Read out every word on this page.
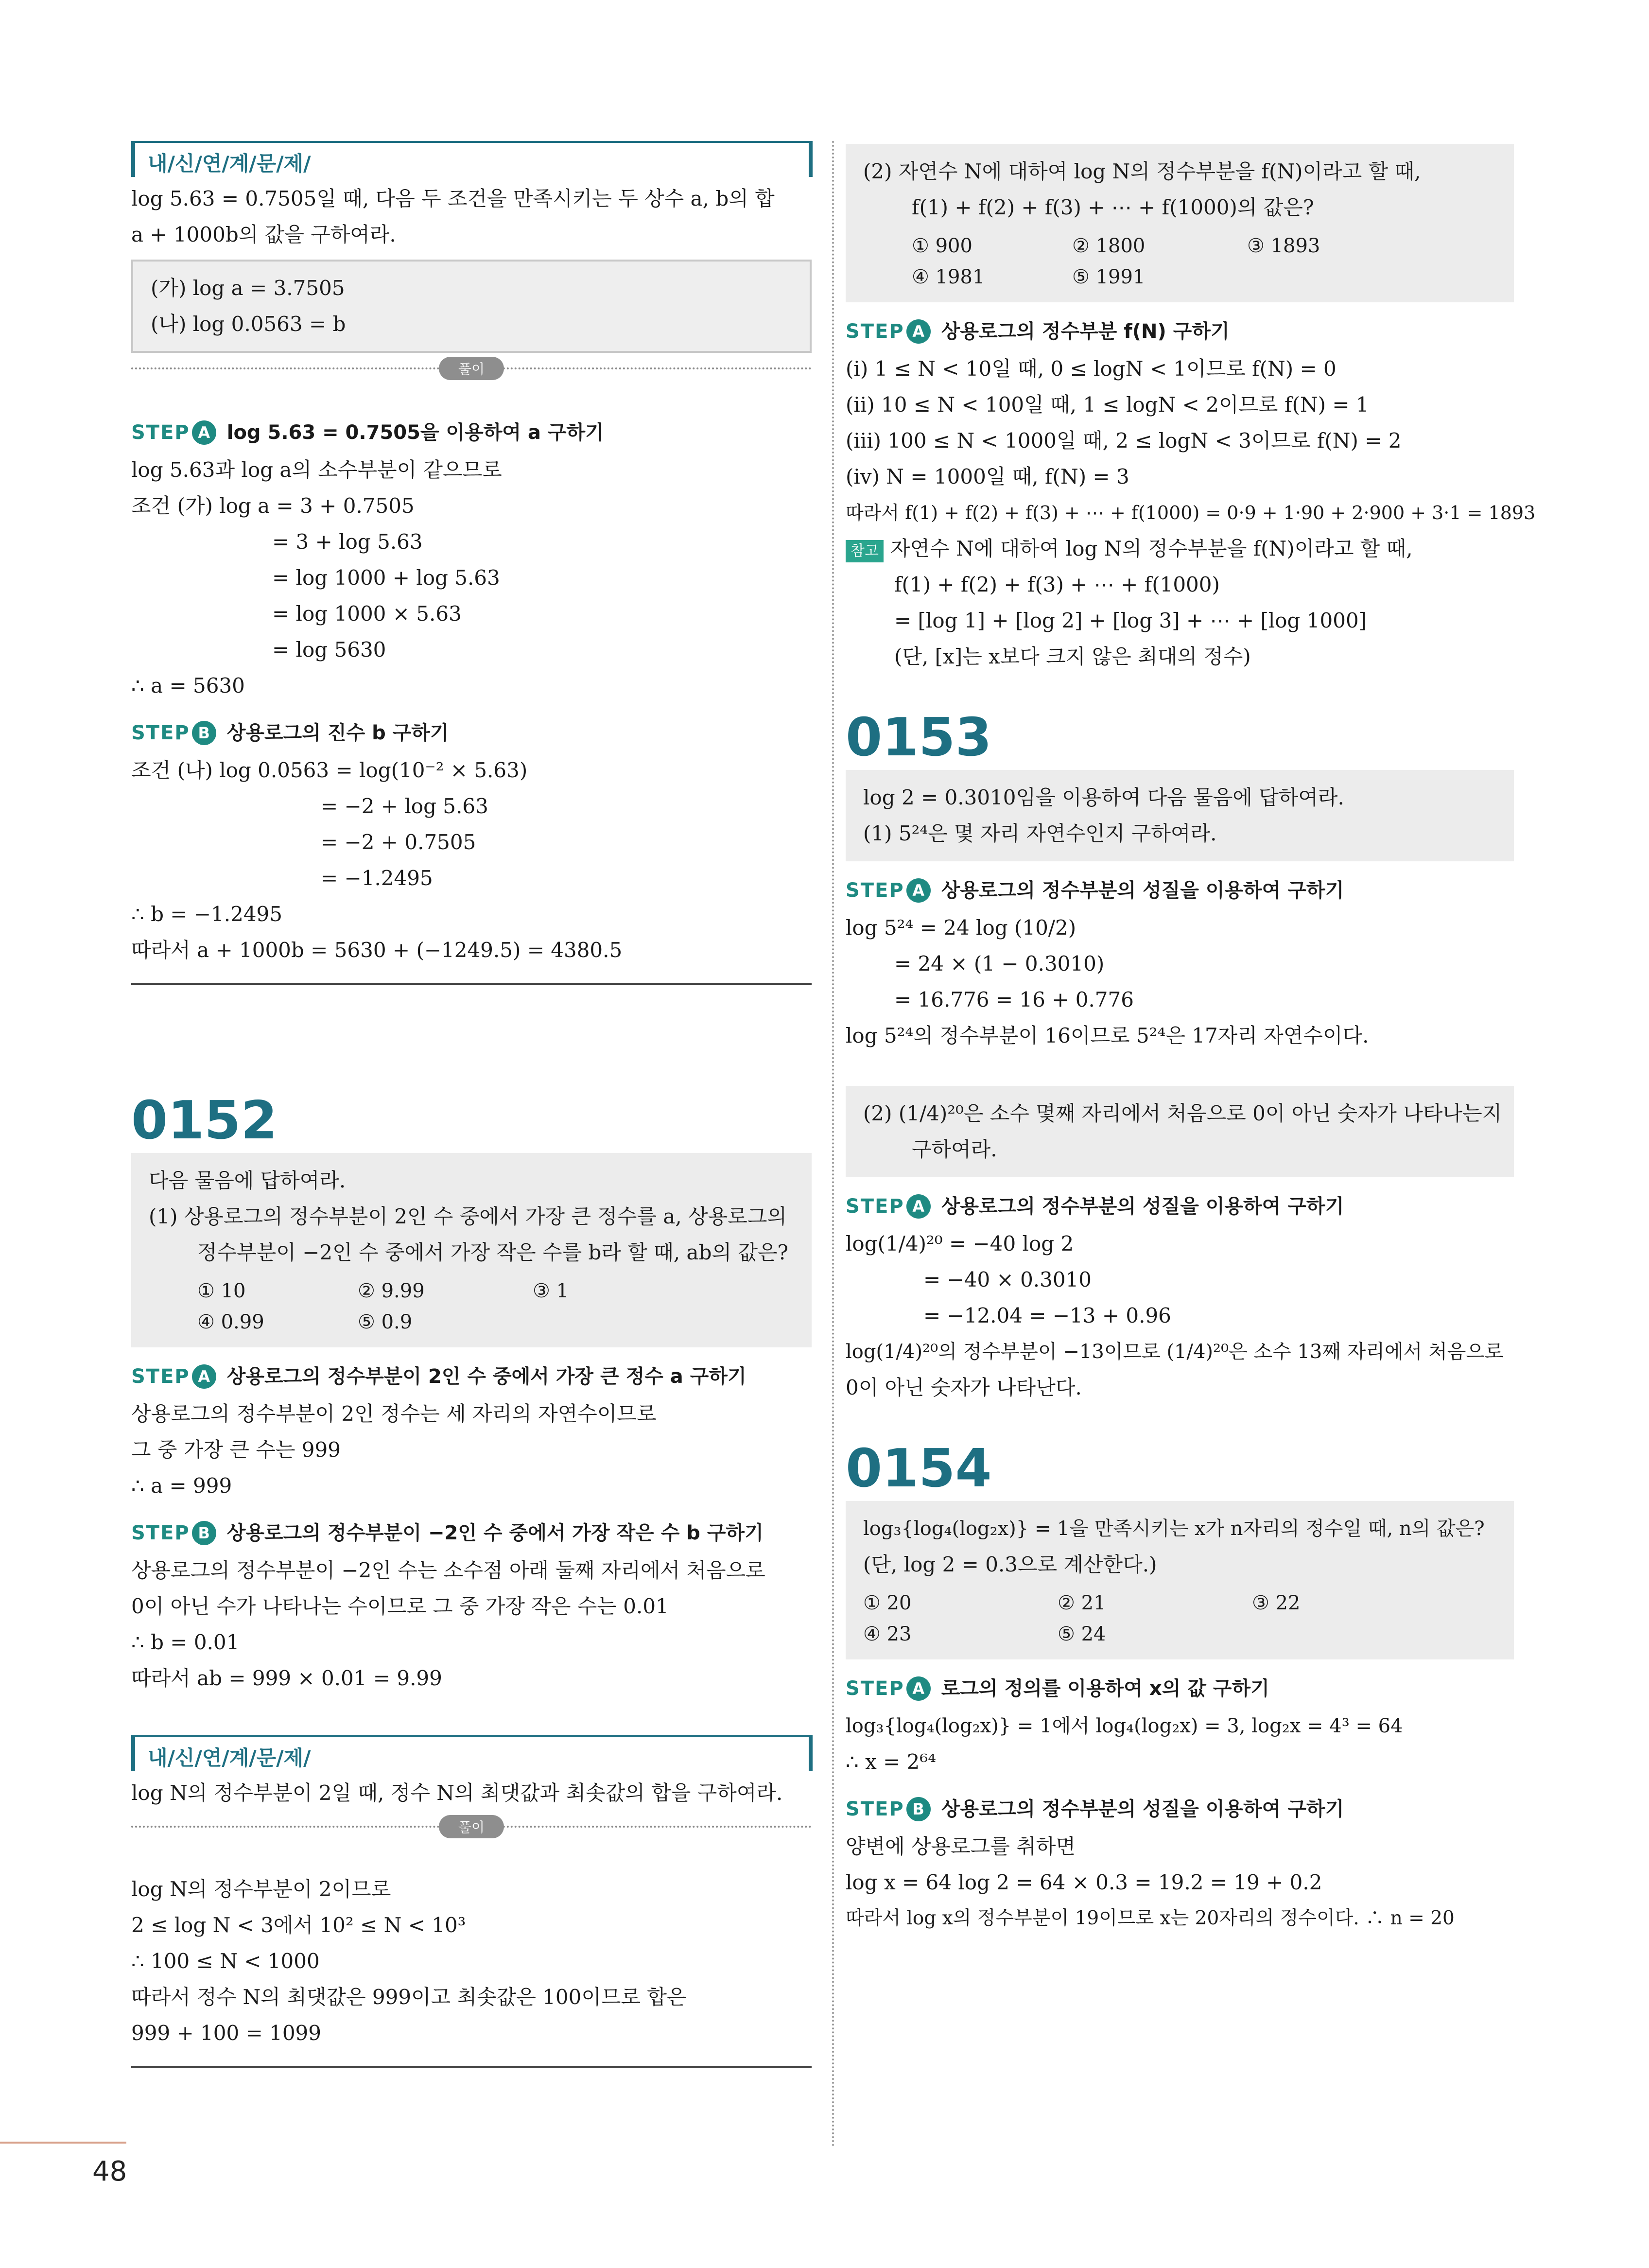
내/신/연/계/문/제/

log 5.63 = 0.7505일 때, 다음 두 조건을 만족시키는 두 상수 a, b의 합

a + 1000b의 값을 구하여라.

(가) log a = 3.7505

(나) log 0.0563 = b

풀이
STEP A log 5.63 = 0.7505을 이용하여 a 구하기

log 5.63과 log a의 소수부분이 같으므로

조건 (가) log a = 3 + 0.7505

= 3 + log 5.63

= log 1000 + log 5.63

= log 1000 × 5.63

= log 5630

∴ a = 5630

STEP B 상용로그의 진수 b 구하기

조건 (나) log 0.0563 = log(10⁻² × 5.63)

= −2 + log 5.63

= −2 + 0.7505

= −1.2495

∴ b = −1.2495

따라서 a + 1000b = 5630 + (−1249.5) = 4380.5

0152

다음 물음에 답하여라.

(1) 상용로그의 정수부분이 2인 수 중에서 가장 큰 정수를 a, 상용로그의

정수부분이 −2인 수 중에서 가장 작은 수를 b라 할 때, ab의 값은?

① 10	② 9.99	③ 1
④ 0.99	⑤ 0.9
STEP A 상용로그의 정수부분이 2인 수 중에서 가장 큰 정수 a 구하기

상용로그의 정수부분이 2인 정수는 세 자리의 자연수이므로

그 중 가장 큰 수는 999

∴ a = 999

STEP B 상용로그의 정수부분이 −2인 수 중에서 가장 작은 수 b 구하기

상용로그의 정수부분이 −2인 수는 소수점 아래 둘째 자리에서 처음으로

0이 아닌 수가 나타나는 수이므로 그 중 가장 작은 수는 0.01

∴ b = 0.01

따라서 ab = 999 × 0.01 = 9.99

내/신/연/계/문/제/

log N의 정수부분이 2일 때, 정수 N의 최댓값과 최솟값의 합을 구하여라.

풀이

log N의 정수부분이 2이므로

2 ≤ log N < 3에서 10² ≤ N < 10³

∴ 100 ≤ N < 1000

따라서 정수 N의 최댓값은 999이고 최솟값은 100이므로 합은

999 + 100 = 1099

(2) 자연수 N에 대하여 log N의 정수부분을 f(N)이라고 할 때,

f(1) + f(2) + f(3) + ⋯ + f(1000)의 값은?

① 900	② 1800	③ 1893
④ 1981	⑤ 1991
STEP A 상용로그의 정수부분 f(N) 구하기

(ⅰ) 1 ≤ N < 10일 때, 0 ≤ logN < 1이므로 f(N) = 0

(ⅱ) 10 ≤ N < 100일 때, 1 ≤ logN < 2이므로 f(N) = 1

(ⅲ) 100 ≤ N < 1000일 때, 2 ≤ logN < 3이므로 f(N) = 2

(ⅳ) N = 1000일 때, f(N) = 3

따라서 f(1) + f(2) + f(3) + ⋯ + f(1000) = 0·9 + 1·90 + 2·900 + 3·1 = 1893

참고 자연수 N에 대하여 log N의 정수부분을 f(N)이라고 할 때,

f(1) + f(2) + f(3) + ⋯ + f(1000)

= [log 1] + [log 2] + [log 3] + ⋯ + [log 1000]

(단, [x]는 x보다 크지 않은 최대의 정수)

0153

log 2 = 0.3010임을 이용하여 다음 물음에 답하여라.

(1) 5²⁴은 몇 자리 자연수인지 구하여라.

STEP A 상용로그의 정수부분의 성질을 이용하여 구하기

log 5²⁴ = 24 log (10/2)

= 24 × (1 − 0.3010)

= 16.776 = 16 + 0.776

log 5²⁴의 정수부분이 16이므로 5²⁴은 17자리 자연수이다.

(2) (1/4)²⁰은 소수 몇째 자리에서 처음으로 0이 아닌 숫자가 나타나는지

구하여라.

STEP A 상용로그의 정수부분의 성질을 이용하여 구하기

log(1/4)²⁰ = −40 log 2

= −40 × 0.3010

= −12.04 = −13 + 0.96

log(1/4)²⁰의 정수부분이 −13이므로 (1/4)²⁰은 소수 13째 자리에서 처음으로

0이 아닌 숫자가 나타난다.

0154

log₃{log₄(log₂x)} = 1을 만족시키는 x가 n자리의 정수일 때, n의 값은?

(단, log 2 = 0.3으로 계산한다.)

① 20	② 21	③ 22
④ 23	⑤ 24
STEP A 로그의 정의를 이용하여 x의 값 구하기

log₃{log₄(log₂x)} = 1에서 log₄(log₂x) = 3, log₂x = 4³ = 64

∴ x = 2⁶⁴

STEP B 상용로그의 정수부분의 성질을 이용하여 구하기

양변에 상용로그를 취하면

log x = 64 log 2 = 64 × 0.3 = 19.2 = 19 + 0.2

따라서 log x의 정수부분이 19이므로 x는 20자리의 정수이다. ∴ n = 20

48
